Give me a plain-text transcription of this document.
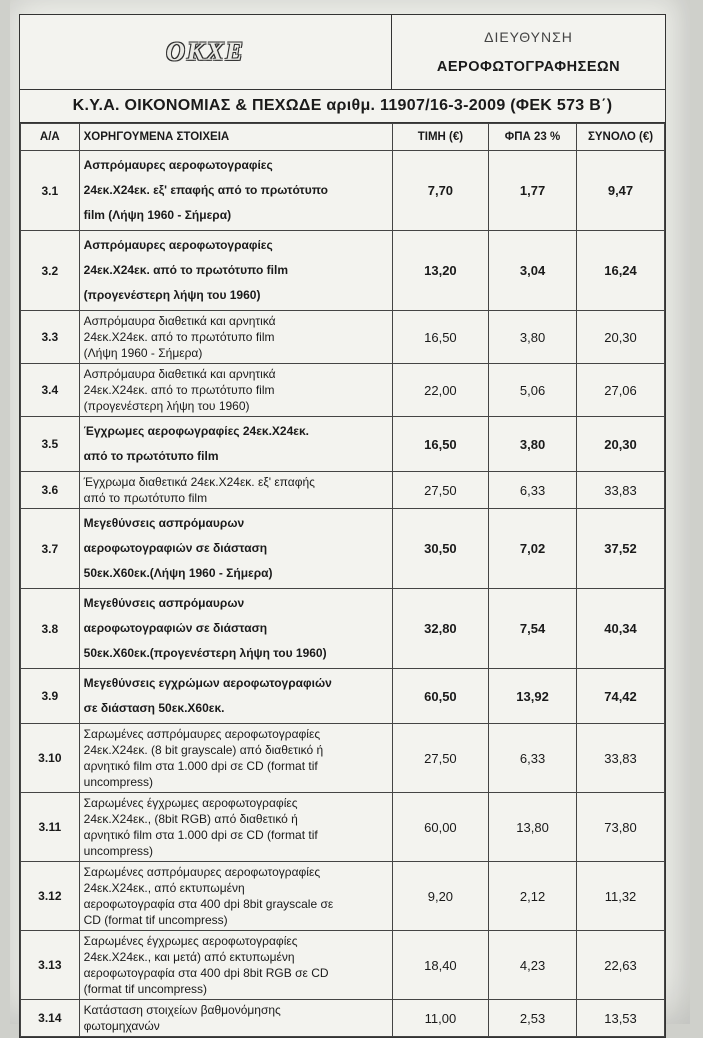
ΟΚΧΕ	ΔΙΕΥΘΥΝΣΗ
ΑΕΡΟΦΩΤΟΓΡΑΦΗΣΕΩΝ
Κ.Υ.Α. ΟΙΚΟΝΟΜΙΑΣ & ΠΕΧΩΔΕ αριθμ. 11907/16-3-2009 (ΦΕΚ 573 Β΄)
Α/Α	ΧΟΡΗΓΟΥΜΕΝΑ ΣΤΟΙΧΕΙΑ	ΤΙΜΗ (€)	ΦΠΑ 23 %	ΣΥΝΟΛΟ (€)
3.1	Ασπρόμαυρες αεροφωτογραφίες
24εκ.Χ24εκ. εξ' επαφής από το πρωτότυπο
film (Λήψη 1960 - Σήμερα)	7,70	1,77	9,47
3.2	Ασπρόμαυρες αεροφωτογραφίες
24εκ.Χ24εκ. από το πρωτότυπο film
(προγενέστερη λήψη του 1960)	13,20	3,04	16,24
3.3	Ασπρόμαυρα διαθετικά και αρνητικά
24εκ.Χ24εκ. από το πρωτότυπο film
(Λήψη 1960 - Σήμερα)	16,50	3,80	20,30
3.4	Ασπρόμαυρα διαθετικά και αρνητικά
24εκ.Χ24εκ. από το πρωτότυπο film
(προγενέστερη λήψη του 1960)	22,00	5,06	27,06
3.5	Έγχρωμες αεροφωγραφίες 24εκ.Χ24εκ.
από το πρωτότυπο film	16,50	3,80	20,30
3.6	Έγχρωμα διαθετικά 24εκ.Χ24εκ. εξ' επαφής
από το πρωτότυπο film	27,50	6,33	33,83
3.7	Μεγεθύνσεις ασπρόμαυρων
αεροφωτογραφιών σε διάσταση
50εκ.Χ60εκ.(Λήψη 1960 - Σήμερα)	30,50	7,02	37,52
3.8	Μεγεθύνσεις ασπρόμαυρων
αεροφωτογραφιών σε διάσταση
50εκ.Χ60εκ.(προγενέστερη λήψη του 1960)	32,80	7,54	40,34
3.9	Μεγεθύνσεις εγχρώμων αεροφωτογραφιών
σε διάσταση 50εκ.Χ60εκ.	60,50	13,92	74,42
3.10	Σαρωμένες ασπρόμαυρες αεροφωτογραφίες
24εκ.Χ24εκ. (8 bit grayscale) από διαθετικό ή
αρνητικό film στα 1.000 dpi σε CD (format tif
uncompress)	27,50	6,33	33,83
3.11	Σαρωμένες έγχρωμες αεροφωτογραφίες
24εκ.Χ24εκ., (8bit RGB) από διαθετικό ή
αρνητικό film στα 1.000 dpi σε CD (format tif
uncompress)	60,00	13,80	73,80
3.12	Σαρωμένες ασπρόμαυρες αεροφωτογραφίες
24εκ.Χ24εκ., από εκτυπωμένη
αεροφωτογραφία στα 400 dpi 8bit grayscale σε
CD (format tif uncompress)	9,20	2,12	11,32
3.13	Σαρωμένες έγχρωμες αεροφωτογραφίες
24εκ.Χ24εκ., και μετά) από εκτυπωμένη
αεροφωτογραφία στα 400 dpi 8bit RGB σε CD
(format tif uncompress)	18,40	4,23	22,63
3.14	Κατάσταση στοιχείων βαθμονόμησης
φωτομηχανών	11,00	2,53	13,53
